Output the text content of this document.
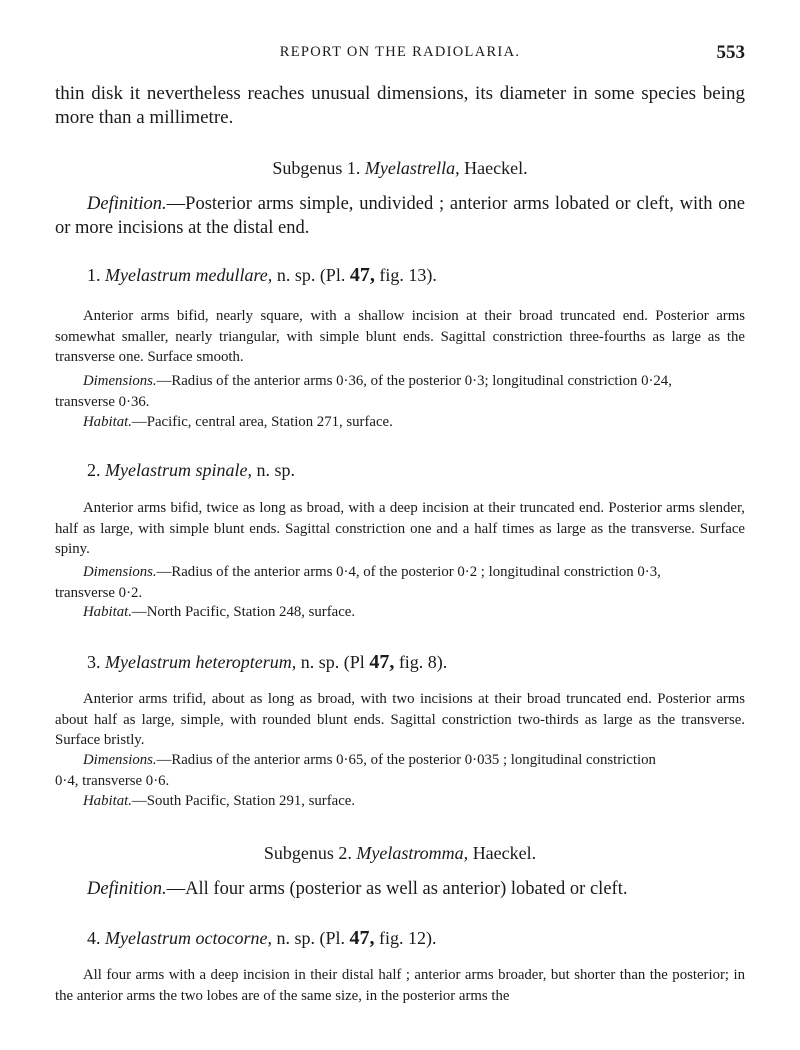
REPORT ON THE RADIOLARIA.	553
thin disk it nevertheless reaches unusual dimensions, its diameter in some species being more than a millimetre.
Subgenus 1. Myelastrella, Haeckel.
Definition.—Posterior arms simple, undivided ; anterior arms lobated or cleft, with one or more incisions at the distal end.
1. Myelastrum medullare, n. sp. (Pl. 47, fig. 13).
Anterior arms bifid, nearly square, with a shallow incision at their broad truncated end. Posterior arms somewhat smaller, nearly triangular, with simple blunt ends. Sagittal constriction three-fourths as large as the transverse one. Surface smooth.
Dimensions.—Radius of the anterior arms 0·36, of the posterior 0·3; longitudinal constriction 0·24,
transverse 0·36.
Habitat.—Pacific, central area, Station 271, surface.
2. Myelastrum spinale, n. sp.
Anterior arms bifid, twice as long as broad, with a deep incision at their truncated end. Posterior arms slender, half as large, with simple blunt ends. Sagittal constriction one and a half times as large as the transverse. Surface spiny.
Dimensions.—Radius of the anterior arms 0·4, of the posterior 0·2 ; longitudinal constriction 0·3,
transverse 0·2.
Habitat.—North Pacific, Station 248, surface.
3. Myelastrum heteropterum, n. sp. (Pl 47, fig. 8).
Anterior arms trifid, about as long as broad, with two incisions at their broad truncated end. Posterior arms about half as large, simple, with rounded blunt ends. Sagittal constriction two-thirds as large as the transverse. Surface bristly.
Dimensions.—Radius of the anterior arms 0·65, of the posterior 0·035 ; longitudinal constriction
0·4, transverse 0·6.
Habitat.—South Pacific, Station 291, surface.
Subgenus 2. Myelastromma, Haeckel.
Definition.—All four arms (posterior as well as anterior) lobated or cleft.
4. Myelastrum octocorne, n. sp. (Pl. 47, fig. 12).
All four arms with a deep incision in their distal half ; anterior arms broader, but shorter than the posterior; in the anterior arms the two lobes are of the same size, in the posterior arms the
